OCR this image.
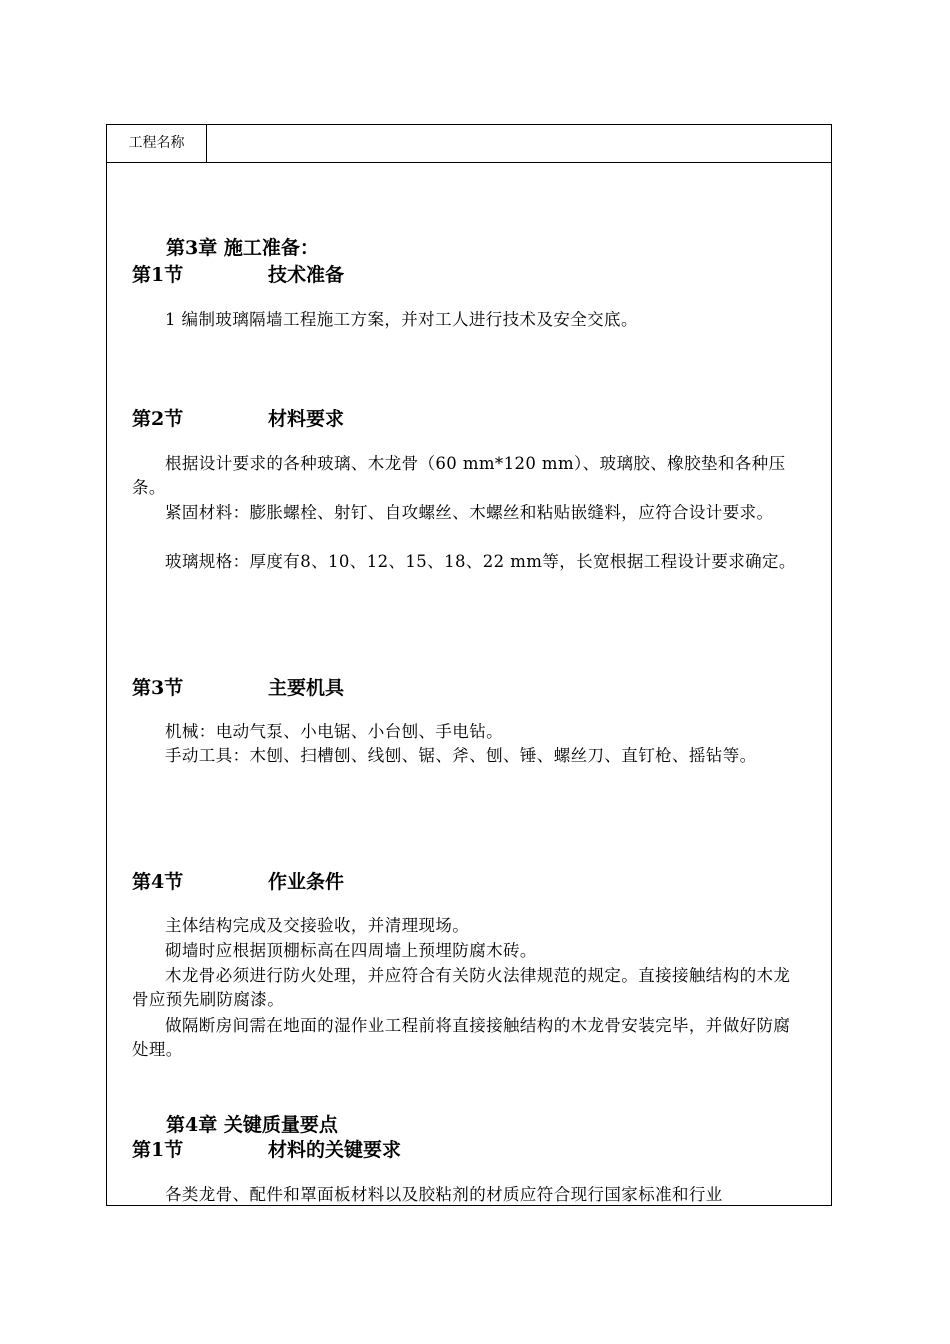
工程名称
第3章 施工准备：
第1节	技术准备
1 编制玻璃隔墙工程施工方案，并对工人进行技术及安全交底。
第2节	材料要求
根据设计要求的各种玻璃、木龙骨（60 mm*120 mm）、玻璃胶、橡胶垫和各种压条。
紧固材料：膨胀螺栓、射钉、自攻螺丝、木螺丝和粘贴嵌缝料，应符合设计要求。
玻璃规格：厚度有8、10、12、15、18、22 mm等，长宽根据工程设计要求确定。
第3节	主要机具
机械：电动气泵、小电锯、小台刨、手电钻。
手动工具：木刨、扫槽刨、线刨、锯、斧、刨、锤、螺丝刀、直钉枪、摇钻等。
第4节	作业条件
主体结构完成及交接验收，并清理现场。
砌墙时应根据顶棚标高在四周墙上预埋防腐木砖。
木龙骨必须进行防火处理，并应符合有关防火法律规范的规定。直接接触结构的木龙骨应预先刷防腐漆。
做隔断房间需在地面的湿作业工程前将直接接触结构的木龙骨安装完毕，并做好防腐处理。
第4章 关键质量要点
第1节	材料的关键要求
各类龙骨、配件和罩面板材料以及胶粘剂的材质应符合现行国家标准和行业
